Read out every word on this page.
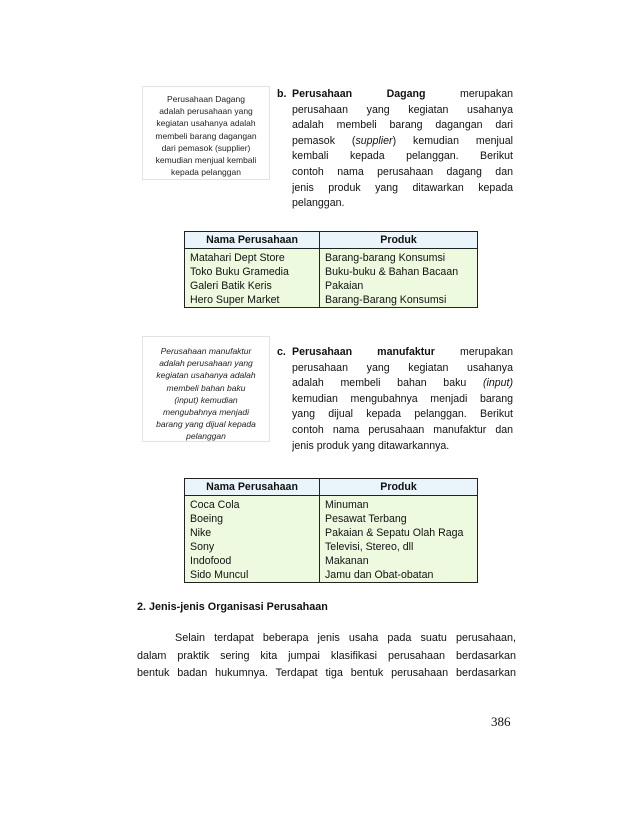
Perusahaan Dagang
adalah perusahaan yang
kegiatan usahanya adalah
membeli barang dagangan
dari pemasok (supplier)
kemudian menjual kembali
kepada pelanggan
b. Perusahaan Dagang	merupakan
perusahaan yang kegiatan usahanya
adalah membeli barang dagangan dari
pemasok (supplier) kemudian menjual
kembali kepada pelanggan. Berikut
contoh nama perusahaan dagang dan
jenis produk yang ditawarkan kepada
pelanggan.
Nama Perusahaan	Produk
Matahari Dept Store	Barang-barang Konsumsi
Toko Buku Gramedia	Buku-buku & Bahan Bacaan
Galeri Batik Keris	Pakaian
Hero Super Market	Barang-Barang Konsumsi
Perusahaan manufaktur
adalah perusahaan yang
kegiatan usahanya adalah
membeli bahan baku
(input) kemudian
mengubahnya menjadi
barang yang dijual kepada
pelanggan
c. Perusahaan manufaktur merupakan
perusahaan yang kegiatan usahanya
adalah membeli bahan baku (input)
kemudian mengubahnya menjadi barang
yang dijual kepada pelanggan. Berikut
contoh nama perusahaan manufaktur dan
jenis produk yang ditawarkannya.
Nama Perusahaan	Produk
Coca Cola	Minuman
Boeing	Pesawat Terbang
Nike	Pakaian & Sepatu Olah Raga
Sony	Televisi, Stereo, dll
Indofood	Makanan
Sido Muncul	Jamu dan Obat-obatan
2. Jenis-jenis Organisasi Perusahaan
Selain terdapat beberapa jenis usaha pada suatu perusahaan,
dalam praktik sering kita jumpai klasifikasi perusahaan berdasarkan
bentuk badan hukumnya. Terdapat tiga bentuk perusahaan berdasarkan
386
